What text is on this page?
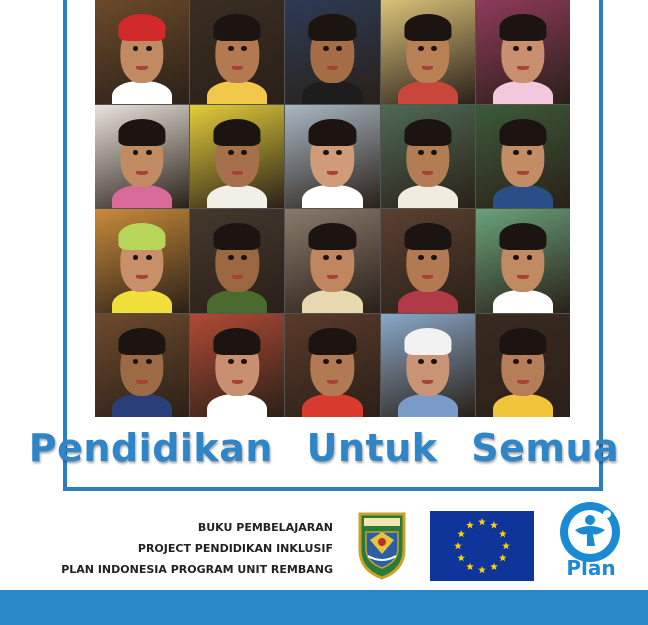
Pendidikan Untuk Semua
BUKU PEMBELAJARAN
PROJECT PENDIDIKAN INKLUSIF
PLAN INDONESIA PROGRAM UNIT REMBANG	Plan
